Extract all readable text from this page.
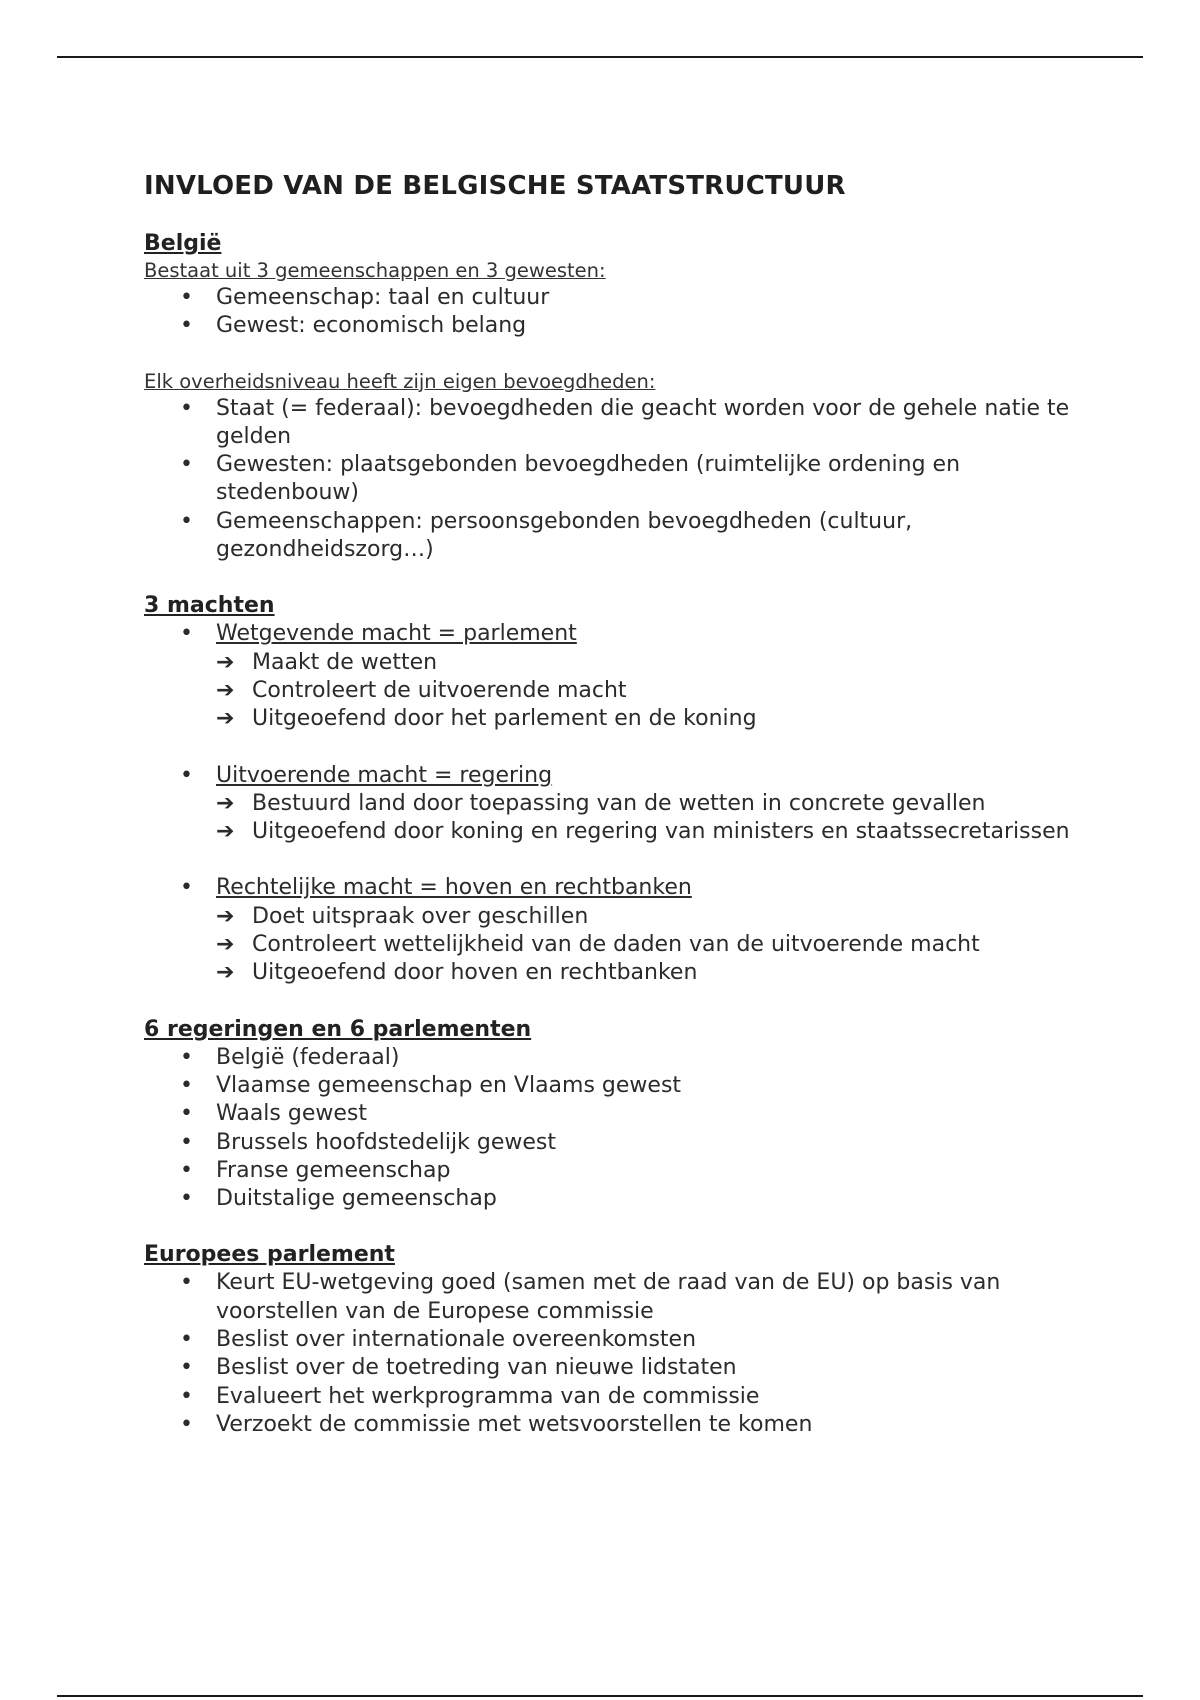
INVLOED VAN DE BELGISCHE STAATSTRUCTUUR
België
Bestaat uit 3 gemeenschappen en 3 gewesten:
• Gemeenschap: taal en cultuur
• Gewest: economisch belang
Elk overheidsniveau heeft zijn eigen bevoegdheden:
• Staat (= federaal): bevoegdheden die geacht worden voor de gehele natie te gelden
• Gewesten: plaatsgebonden bevoegdheden (ruimtelijke ordening en stedenbouw)
• Gemeenschappen: persoonsgebonden bevoegdheden (cultuur, gezondheidszorg…)
3 machten
• Wetgevende macht = parlement
➔ Maakt de wetten
➔ Controleert de uitvoerende macht
➔ Uitgeoefend door het parlement en de koning
• Uitvoerende macht = regering
➔ Bestuurd land door toepassing van de wetten in concrete gevallen
➔ Uitgeoefend door koning en regering van ministers en staatssecretarissen
• Rechtelijke macht = hoven en rechtbanken
➔ Doet uitspraak over geschillen
➔ Controleert wettelijkheid van de daden van de uitvoerende macht
➔ Uitgeoefend door hoven en rechtbanken
6 regeringen en 6 parlementen
• België (federaal)
• Vlaamse gemeenschap en Vlaams gewest
• Waals gewest
• Brussels hoofdstedelijk gewest
• Franse gemeenschap
• Duitstalige gemeenschap
Europees parlement
• Keurt EU-wetgeving goed (samen met de raad van de EU) op basis van voorstellen van de Europese commissie
• Beslist over internationale overeenkomsten
• Beslist over de toetreding van nieuwe lidstaten
• Evalueert het werkprogramma van de commissie
• Verzoekt de commissie met wetsvoorstellen te komen
